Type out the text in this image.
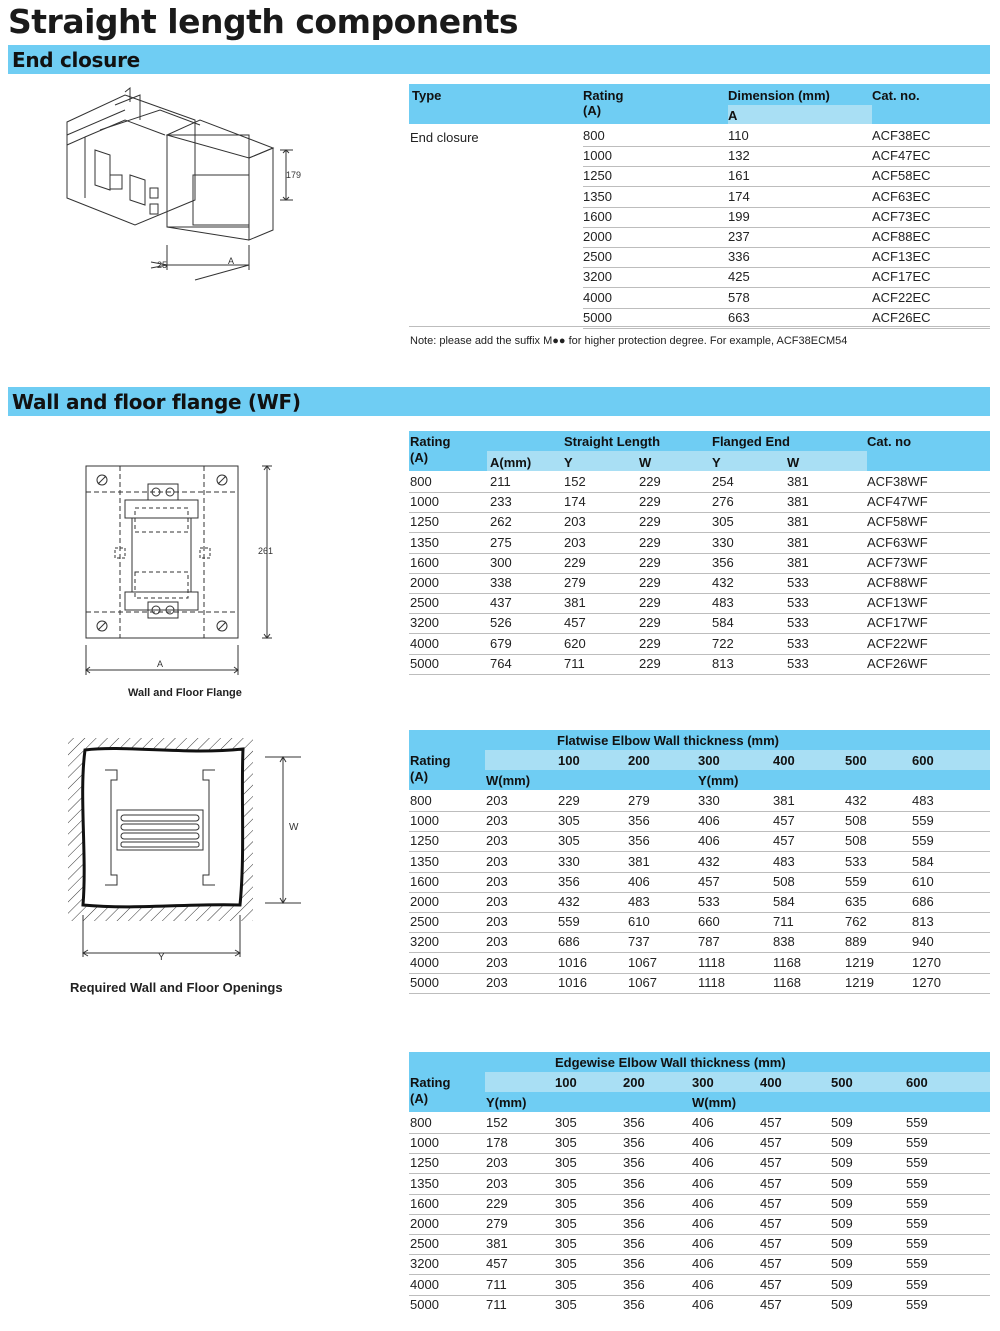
Straight length components
End closure
179
25	A
Type	Rating
(A)
Dimension (mm)
A
Cat. no.
End closure	800	110	ACF38EC
1000	132	ACF47EC
1250	161	ACF58EC
1350	174	ACF63EC
1600	199	ACF73EC
2000	237	ACF88EC
2500	336	ACF13EC
3200	425	ACF17EC
4000	578	ACF22EC
5000	663	ACF26EC
Note: please add the suffix M●● for higher protection degree. For example, ACF38ECM54
Wall and floor flange (WF)
261
A
Wall and Floor Flange
Rating
(A)
Straight Length	Flanged End	Cat. no
A(mm)	Y	W	Y	W
800	211	152	229	254	381	ACF38WF
1000	233	174	229	276	381	ACF47WF
1250	262	203	229	305	381	ACF58WF
1350	275	203	229	330	381	ACF63WF
1600	300	229	229	356	381	ACF73WF
2000	338	279	229	432	533	ACF88WF
2500	437	381	229	483	533	ACF13WF
3200	526	457	229	584	533	ACF17WF
4000	679	620	229	722	533	ACF22WF
5000	764	711	229	813	533	ACF26WF
W
Y
Required Wall and Floor Openings
Flatwise Elbow Wall thickness (mm)
Rating
(A)	W(mm)	Y(mm)
100	200	300	400	500	600
800	203	229	279	330	381	432	483
1000	203	305	356	406	457	508	559
1250	203	305	356	406	457	508	559
1350	203	330	381	432	483	533	584
1600	203	356	406	457	508	559	610
2000	203	432	483	533	584	635	686
2500	203	559	610	660	711	762	813
3200	203	686	737	787	838	889	940
4000	203	1016	1067	1118	1168	1219	1270
5000	203	1016	1067	1118	1168	1219	1270
Edgewise Elbow Wall thickness (mm)
Rating
(A)	Y(mm)	W(mm)
100	200	300	400	500	600
800	152	305	356	406	457	509	559
1000	178	305	356	406	457	509	559
1250	203	305	356	406	457	509	559
1350	203	305	356	406	457	509	559
1600	229	305	356	406	457	509	559
2000	279	305	356	406	457	509	559
2500	381	305	356	406	457	509	559
3200	457	305	356	406	457	509	559
4000	711	305	356	406	457	509	559
5000	711	305	356	406	457	509	559
